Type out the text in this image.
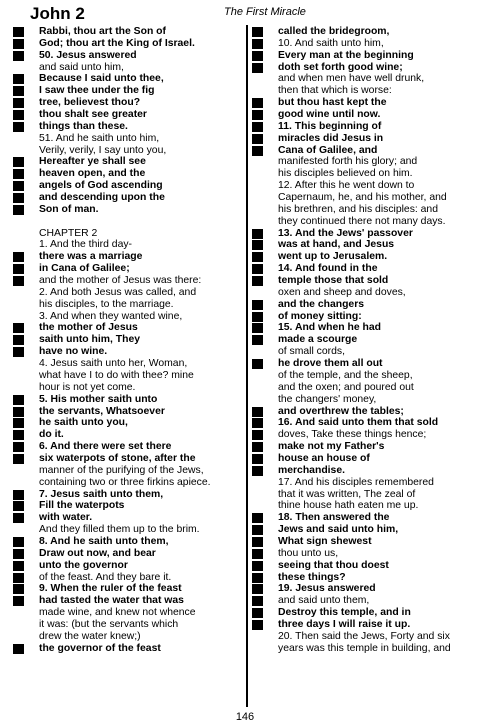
John 2	The First Miracle
Rabbi, thou art the Son of
God; thou art the King of Israel.
50. Jesus answered
and said unto him,
Because I said unto thee,
I saw thee under the fig
tree, believest thou?
thou shalt see greater
things than these.
51. And he saith unto him,
Verily, verily, I say unto you,
Hereafter ye shall see
heaven open, and the
angels of God ascending
and descending upon the
Son of man.
CHAPTER 2
1. And the third day-
there was a marriage
in Cana of Galilee;
and the mother of Jesus was there:
2. And both Jesus was called, and
his disciples, to the marriage.
3. And when they wanted wine,
the mother of Jesus
saith unto him, They
have no wine.
4. Jesus saith unto her, Woman,
what have I to do with thee? mine
hour is not yet come.
5. His mother saith unto
the servants, Whatsoever
he saith unto you,
do it.
6. And there were set there
six waterpots of stone, after the
manner of the purifying of the Jews,
containing two or three firkins apiece.
7. Jesus saith unto them,
Fill the waterpots
with water.
And they filled them up to the brim.
8. And he saith unto them,
Draw out now, and bear
unto the governor
of the feast. And they bare it.
9. When the ruler of the feast
had tasted the water that was
made wine, and knew not whence
it was: (but the servants which
drew the water knew;)
the governor of the feast
called the bridegroom,
10. And saith unto him,
Every man at the beginning
doth set forth good wine;
and when men have well drunk,
then that which is worse:
but thou hast kept the
good wine until now.
11. This beginning of
miracles did Jesus in
Cana of Galilee, and
manifested forth his glory; and
his disciples believed on him.
12. After this he went down to
Capernaum, he, and his mother, and
his brethren, and his disciples: and
they continued there not many days.
13. And the Jews' passover
was at hand, and Jesus
went up to Jerusalem.
14. And found in the
temple those that sold
oxen and sheep and doves,
and the changers
of money sitting:
15. And when he had
made a scourge
of small cords,
he drove them all out
of the temple, and the sheep,
and the oxen; and poured out
the changers' money,
and overthrew the tables;
16. And said unto them that sold
doves, Take these things hence;
make not my Father's
house an house of
merchandise.
17. And his disciples remembered
that it was written, The zeal of
thine house hath eaten me up.
18. Then answered the
Jews and said unto him,
What sign shewest
thou unto us,
seeing that thou doest
these things?
19. Jesus answered
and said unto them,
Destroy this temple, and in
three days I will raise it up.
20. Then said the Jews, Forty and six
years was this temple in building, and
146
